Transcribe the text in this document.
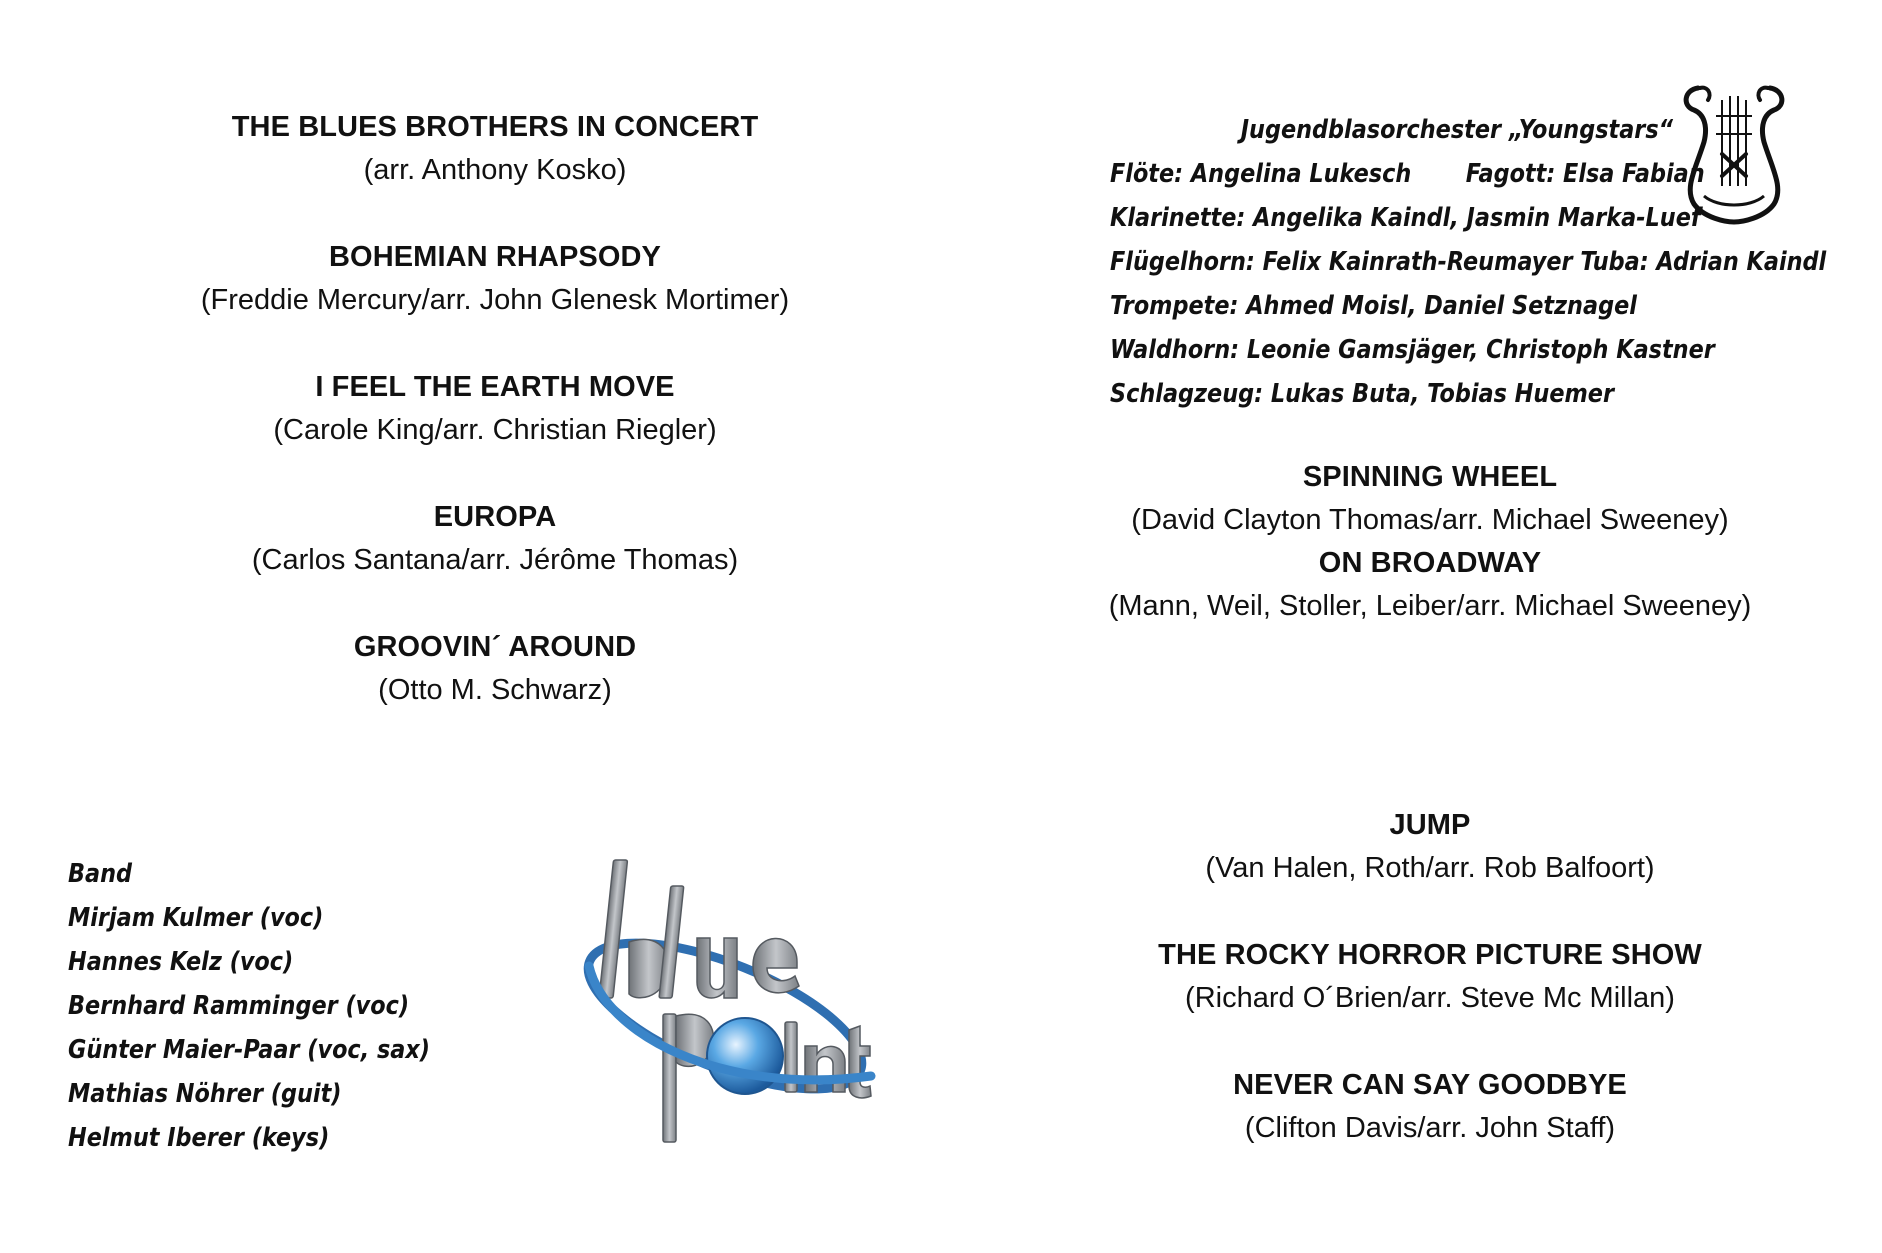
THE BLUES BROTHERS IN CONCERT
(arr. Anthony Kosko)
BOHEMIAN RHAPSODY
(Freddie Mercury/arr. John Glenesk Mortimer)
I FEEL THE EARTH MOVE
(Carole King/arr. Christian Riegler)
EUROPA
(Carlos Santana/arr. Jérôme Thomas)
GROOVIN´ AROUND
(Otto M. Schwarz)
Jugendblasorchester „Youngstars“
Flöte: Angelina Lukesch       Fagott: Elsa Fabian
Klarinette: Angelika Kaindl, Jasmin Marka-Luef
Flügelhorn: Felix Kainrath-Reumayer Tuba: Adrian Kaindl
Trompete: Ahmed Moisl, Daniel Setznagel
Waldhorn: Leonie Gamsjäger, Christoph Kastner
Schlagzeug: Lukas Buta, Tobias Huemer
SPINNING WHEEL
(David Clayton Thomas/arr. Michael Sweeney)
ON BROADWAY
(Mann, Weil, Stoller, Leiber/arr. Michael Sweeney)
Band
Mirjam Kulmer (voc)
Hannes Kelz (voc)
Bernhard Ramminger (voc)
Günter Maier-Paar (voc, sax)
Mathias Nöhrer (guit)
Helmut Iberer (keys)
JUMP
(Van Halen, Roth/arr. Rob Balfoort)
THE ROCKY HORROR PICTURE SHOW
(Richard O´Brien/arr. Steve Mc Millan)
NEVER CAN SAY GOODBYE
(Clifton Davis/arr. John Staff)
